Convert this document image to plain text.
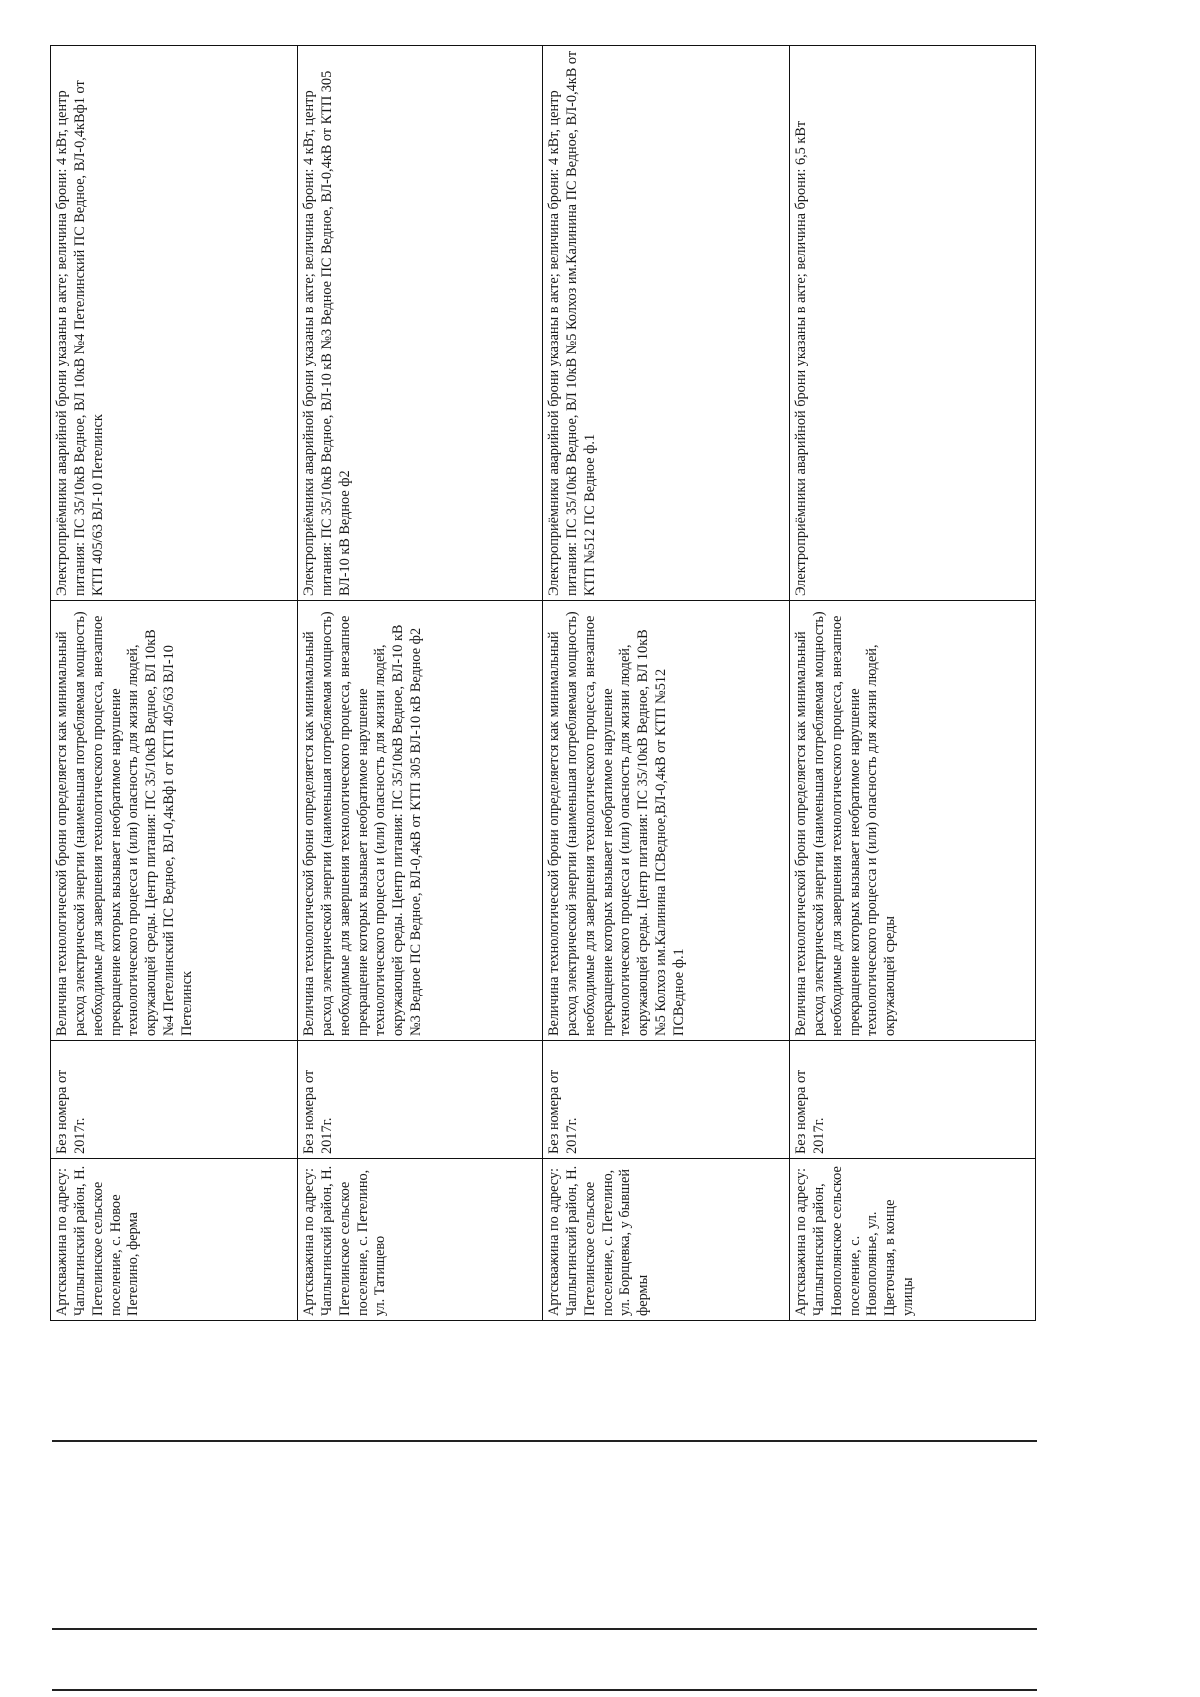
Артскважина по адресу: Чаплыгинский район, Н. Петелинское сельское поселение, с. Новое Петелино, ферма	Без номера от 2017г.	Величина технологической брони определяется как минимальный расход электрической энергии (наименьшая потребляемая мощность) необходимые для завершения технологического процесса, внезапное прекращение которых вызывает необратимое нарушение технологического процесса и (или) опасность для жизни людей, окружающей среды. Центр питания: ПС 35/10кВ Ведное, ВЛ 10кВ №4 Петелинский ПС Ведное, ВЛ-0,4кВф1 от КТП 405/63 ВЛ-10 Петелинск	Электроприёмники аварийной брони указаны в акте; величина брони: 4 кВт, центр питания: ПС 35/10кВ Ведное, ВЛ 10кВ №4 Петелинский ПС Ведное, ВЛ-0,4кВф1 от КТП 405/63 ВЛ-10 Петелинск
Артскважина по адресу: Чаплыгинский район, Н. Петелинское сельское поселение, с. Петелино, ул. Татищево	Без номера от 2017г.	Величина технологической брони определяется как минимальный расход электрической энергии (наименьшая потребляемая мощность) необходимые для завершения технологического процесса, внезапное прекращение которых вызывает необратимое нарушение технологического процесса и (или) опасность для жизни людей, окружающей среды. Центр питания: ПС 35/10кВ Ведное, ВЛ-10 кВ №3 Ведное ПС Ведное, ВЛ-0,4кВ от КТП 305 ВЛ-10 кВ Ведное ф2	Электроприёмники аварийной брони указаны в акте; величина брони: 4 кВт, центр питания: ПС 35/10кВ Ведное, ВЛ-10 кВ №3 Ведное ПС Ведное, ВЛ-0,4кВ от КТП 305 ВЛ-10 кВ Ведное ф2
Артскважина по адресу: Чаплыгинский район, Н. Петелинское сельское поселение, с. Петелино, ул. Борщевка, у бывшей фермы	Без номера от 2017г.	Величина технологической брони определяется как минимальный расход электрической энергии (наименьшая потребляемая мощность) необходимые для завершения технологического процесса, внезапное прекращение которых вызывает необратимое нарушение технологического процесса и (или) опасность для жизни людей, окружающей среды. Центр питания: ПС 35/10кВ Ведное, ВЛ 10кВ №5 Колхоз им.Калинина ПСВедное,ВЛ-0,4кВ от КТП №512 ПСВедное ф.1	Электроприёмники аварийной брони указаны в акте; величина брони: 4 кВт, центр питания: ПС 35/10кВ Ведное, ВЛ 10кВ №5 Колхоз им.Калинина ПС Ведное, ВЛ-0,4кВ от КТП №512 ПС Ведное ф.1
Артскважина по адресу: Чаплыгинский район, Новополянское сельское поселение, с. Новополянье, ул. Цветочная, в конце улицы	Без номера от 2017г.	Величина технологической брони определяется как минимальный расход электрической энергии (наименьшая потребляемая мощность) необходимые для завершения технологического процесса, внезапное прекращение которых вызывает необратимое нарушение технологического процесса и (или) опасность для жизни людей, окружающей среды	Электроприёмники аварийной брони указаны в акте; величина брони: 6,5 кВт
